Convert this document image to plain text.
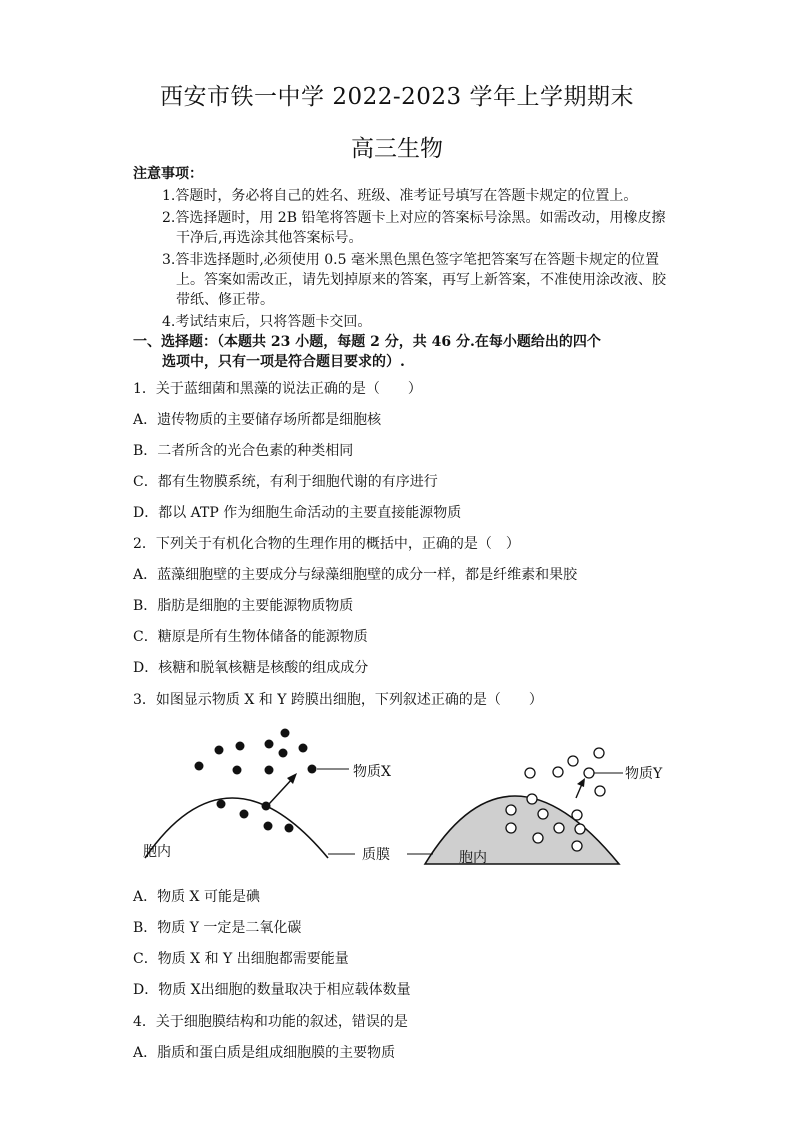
西安市铁一中学 2022-2023 学年上学期期末
高三生物
注意事项：
1.答题时，务必将自己的姓名、班级、准考证号填写在答题卡规定的位置上。
2.答选择题时，用 2B 铅笔将答题卡上对应的答案标号涂黑。如需改动，用橡皮擦
干净后,再选涂其他答案标号。
3.答非选择题时,必须使用 0.5 毫米黑色黑色签字笔把答案写在答题卡规定的位置
上。答案如需改正，请先划掉原来的答案，再写上新答案，不准使用涂改液、胶
带纸、修正带。
4.考试结束后，只将答题卡交回。
一、选择题：（本题共 23 小题，每题 2 分，共 46 分.在每小题给出的四个
选项中，只有一项是符合题目要求的）.
1．关于蓝细菌和黑藻的说法正确的是（　　）
A．遗传物质的主要储存场所都是细胞核
B．二者所含的光合色素的种类相同
C．都有生物膜系统，有利于细胞代谢的有序进行
D．都以 ATP 作为细胞生命活动的主要直接能源物质
2．下列关于有机化合物的生理作用的概括中，正确的是（　）
A．蓝藻细胞壁的主要成分与绿藻细胞壁的成分一样，都是纤维素和果胶
B．脂肪是细胞的主要能源物质物质
C．糖原是所有生物体储备的能源物质
D．核糖和脱氧核糖是核酸的组成成分
3．如图显示物质 X 和 Y 跨膜出细胞，下列叙述正确的是（　　）
物质X	物质Y
质膜
胞内	胞内
A．物质 X 可能是碘
B．物质 Y 一定是二氧化碳
C．物质 X 和 Y 出细胞都需要能量
D．物质 X出细胞的数量取决于相应载体数量
4．关于细胞膜结构和功能的叙述，错误的是
A．脂质和蛋白质是组成细胞膜的主要物质
